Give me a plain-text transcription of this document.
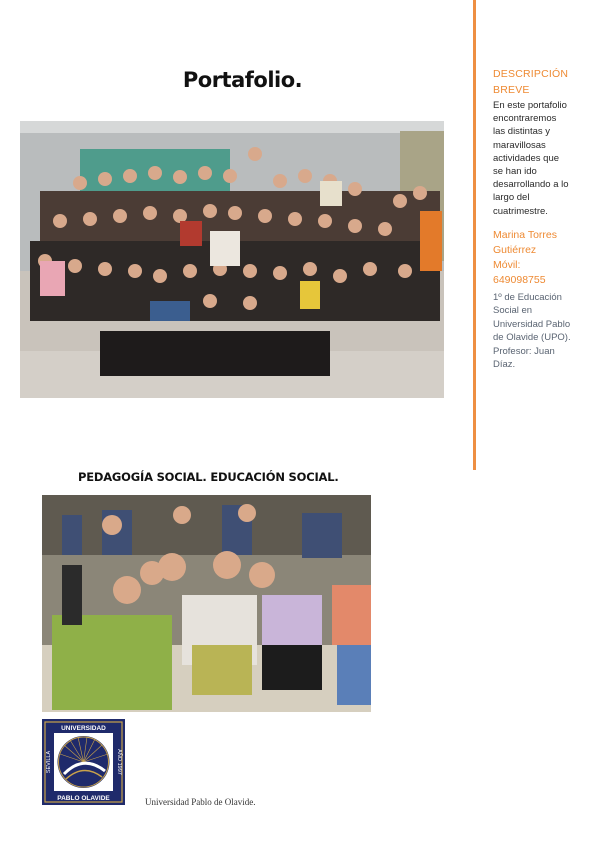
Portafolio.
PEDAGOGÍA SOCIAL. EDUCACIÓN SOCIAL.

DESCRIPCIÓN
BREVE

En este portafolio encontraremos las distintas y maravillosas actividades que se han ido desarrollando a lo largo del cuatrimestre.

Marina Torres Gutiérrez
Móvil: 649098755

1º de Educación Social en Universidad Pablo de Olavide (UPO). Profesor: Juan Díaz.

UNIVERSIDAD
PABLO OLAVIDE
SEVILLA	AÑO 1997
Universidad Pablo de Olavide.
